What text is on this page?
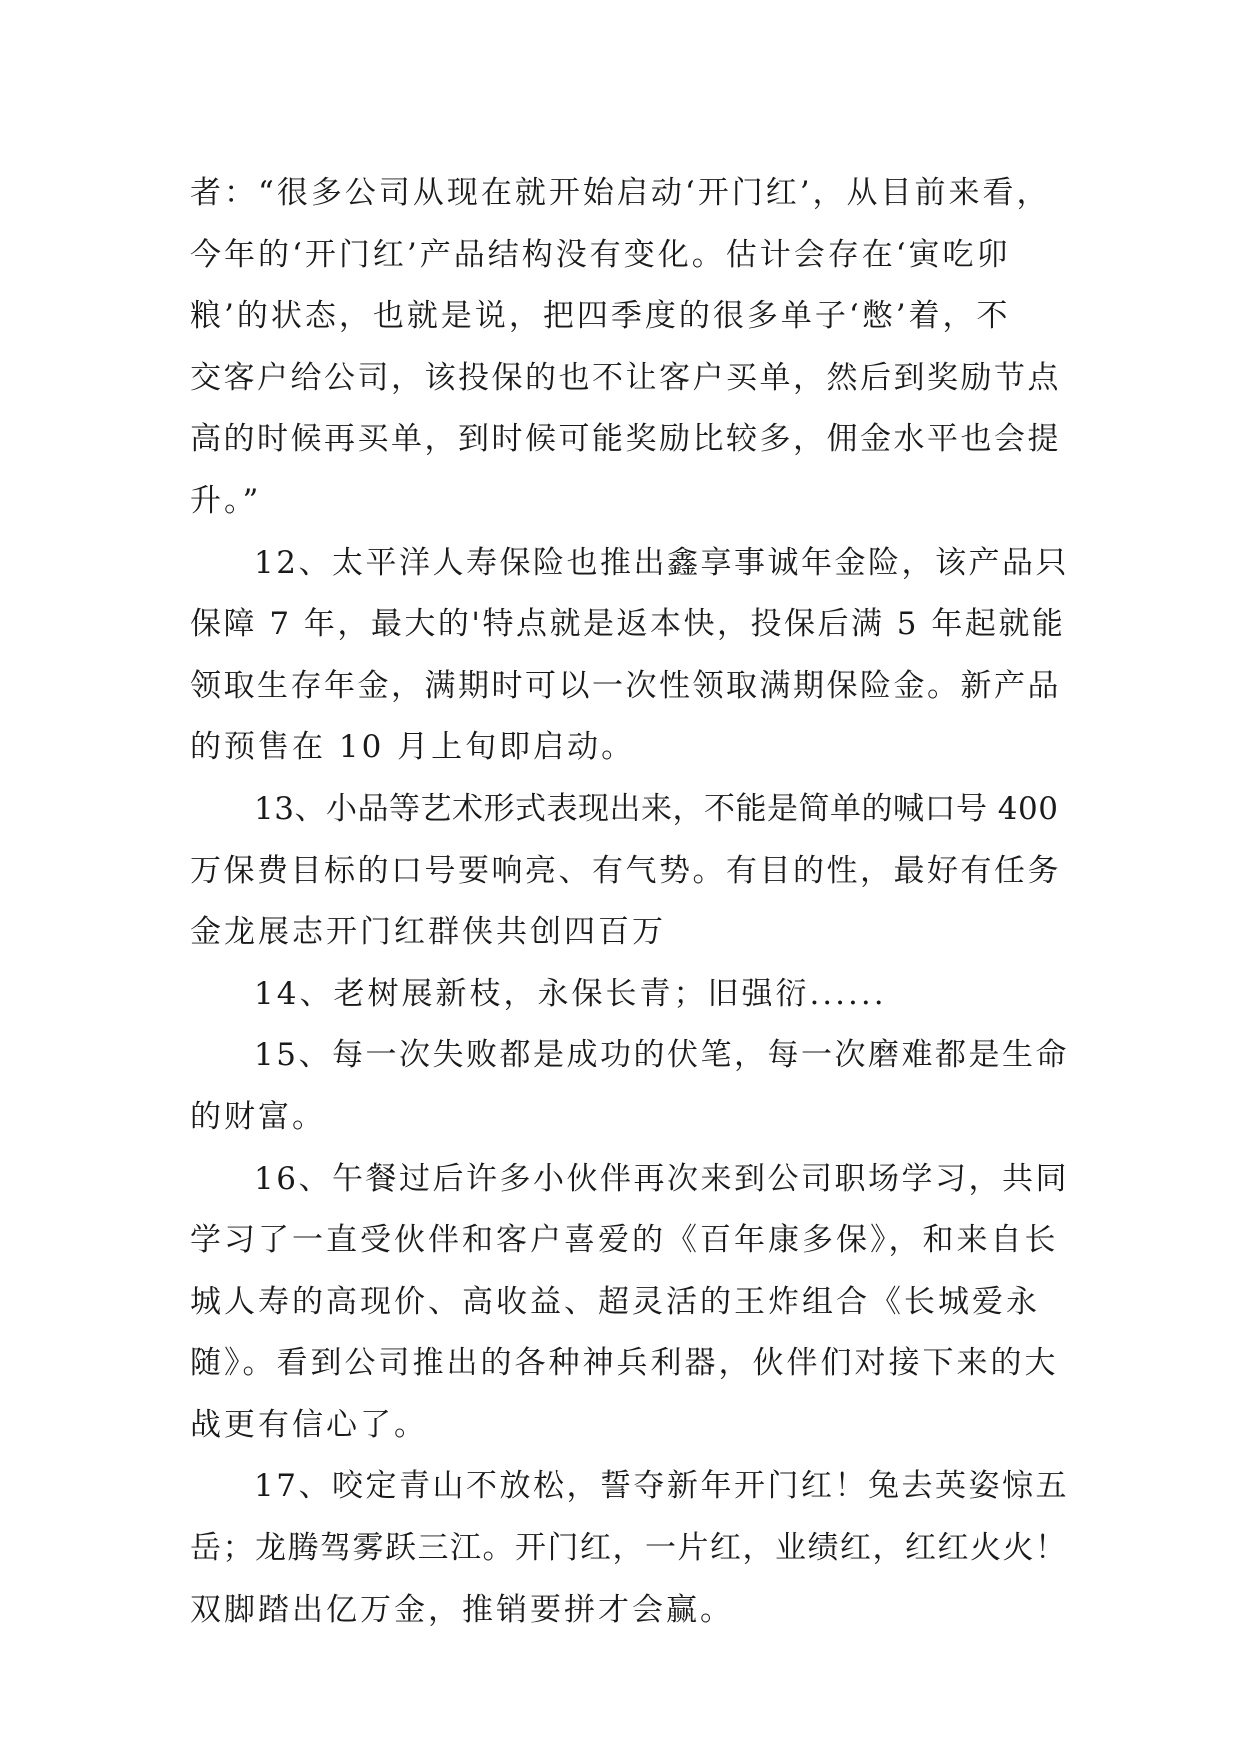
者：“很多公司从现在就开始启动‘开门红’，从目前来看，
今年的‘开门红’产品结构没有变化。估计会存在‘寅吃卯
粮’的状态，也就是说，把四季度的很多单子‘憋’着，不
交客户给公司，该投保的也不让客户买单，然后到奖励节点
高的时候再买单，到时候可能奖励比较多，佣金水平也会提
升。”
12、太平洋人寿保险也推出鑫享事诚年金险，该产品只
保障 7 年，最大的'特点就是返本快，投保后满 5 年起就能
领取生存年金，满期时可以一次性领取满期保险金。新产品
的预售在 10 月上旬即启动。
13、小品等艺术形式表现出来，不能是简单的喊口号 400
万保费目标的口号要响亮、有气势。有目的性，最好有任务
金龙展志开门红群侠共创四百万
14、老树展新枝，永保长青；旧强衍......
15、每一次失败都是成功的伏笔，每一次磨难都是生命
的财富。
16、午餐过后许多小伙伴再次来到公司职场学习，共同
学习了一直受伙伴和客户喜爱的《百年康多保》，和来自长
城人寿的高现价、高收益、超灵活的王炸组合《长城爱永
随》。看到公司推出的各种神兵利器，伙伴们对接下来的大
战更有信心了。
17、咬定青山不放松，誓夺新年开门红！兔去英姿惊五
岳；龙腾驾雾跃三江。开门红，一片红，业绩红，红红火火！
双脚踏出亿万金，推销要拼才会赢。
